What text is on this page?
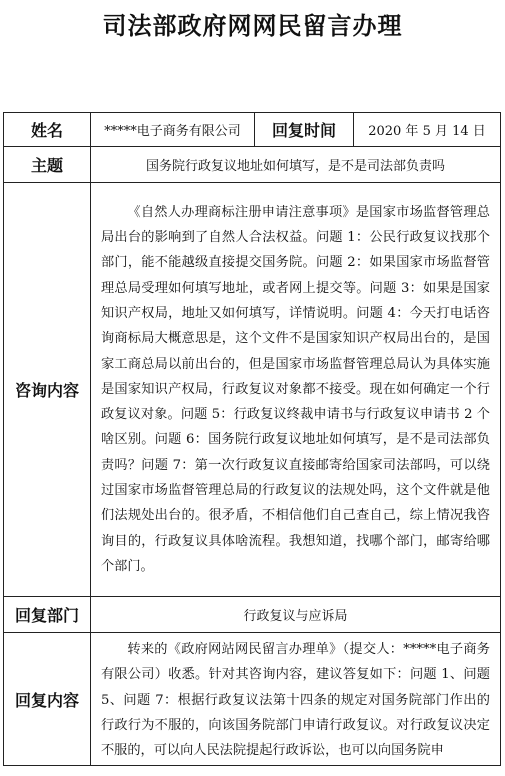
司法部政府网网民留言办理
姓名	*****电子商务有限公司	回复时间	2020 年 5 月 14 日
主题	国务院行政复议地址如何填写，是不是司法部负责吗		
咨询内容	《自然人办理商标注册申请注意事项》是国家市场监督管理总局出台的影响到了自然人合法权益。问题 1：公民行政复议找那个部门，能不能越级直接提交国务院。问题 2：如果国家市场监督管理总局受理如何填写地址，或者网上提交等。问题 3：如果是国家知识产权局，地址又如何填写，详情说明。问题 4：今天打电话咨询商标局大概意思是，这个文件不是国家知识产权局出台的，是国家工商总局以前出台的，但是国家市场监督管理总局认为具体实施是国家知识产权局，行政复议对象都不接受。现在如何确定一个行政复议对象。问题 5：行政复议终裁申请书与行政复议申请书 2 个啥区别。问题 6：国务院行政复议地址如何填写，是不是司法部负责吗？问题 7：第一次行政复议直接邮寄给国家司法部吗，可以绕过国家市场监督管理总局的行政复议的法规处吗，这个文件就是他们法规处出台的。很矛盾，不相信他们自己查自己，综上情况我咨询目的，行政复议具体啥流程。我想知道，找哪个部门，邮寄给哪个部门。		

回复部门	行政复议与应诉局		
回复内容	转来的《政府网站网民留言办理单》（提交人：*****电子商务有限公司）收悉。针对其咨询内容，建议答复如下：问题 1、问题 5、问题 7：根据行政复议法第十四条的规定对国务院部门作出的行政行为不服的，向该国务院部门申请行政复议。对行政复议决定不服的，可以向人民法院提起行政诉讼，也可以向国务院申		
